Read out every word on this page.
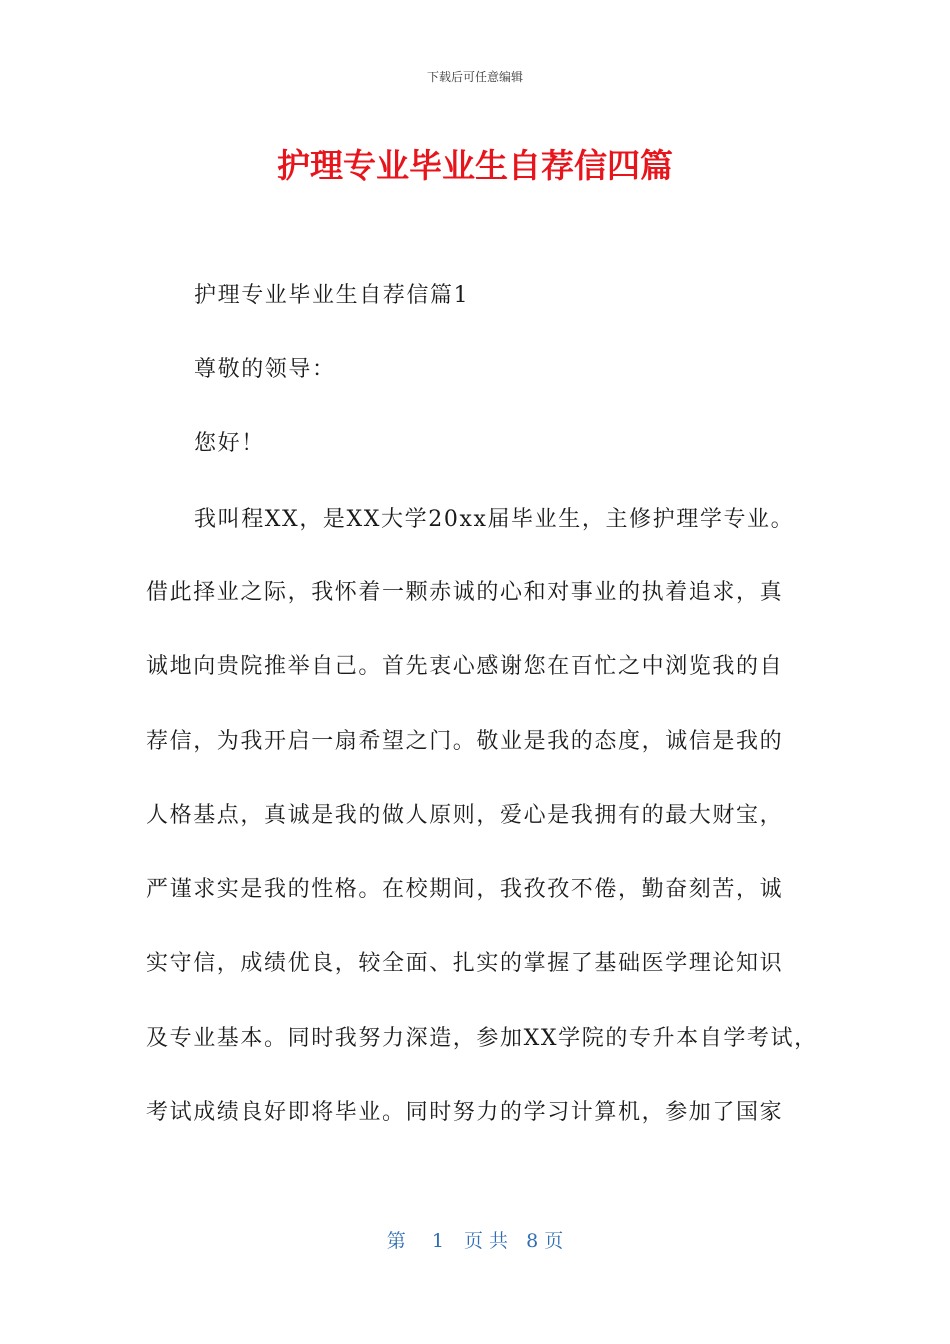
下载后可任意编辑
护理专业毕业生自荐信四篇
护理专业毕业生自荐信篇1
尊敬的领导：
您好！
我叫程XX，是XX大学20xx届毕业生，主修护理学专业。
借此择业之际，我怀着一颗赤诚的心和对事业的执着追求，真
诚地向贵院推举自己。首先衷心感谢您在百忙之中浏览我的自
荐信，为我开启一扇希望之门。敬业是我的态度，诚信是我的
人格基点，真诚是我的做人原则，爱心是我拥有的最大财宝，
严谨求实是我的性格。在校期间，我孜孜不倦，勤奋刻苦，诚
实守信，成绩优良，较全面、扎实的掌握了基础医学理论知识
及专业基本。同时我努力深造，参加XX学院的专升本自学考试，
考试成绩良好即将毕业。同时努力的学习计算机，参加了国家
第 1 页 共 8 页
